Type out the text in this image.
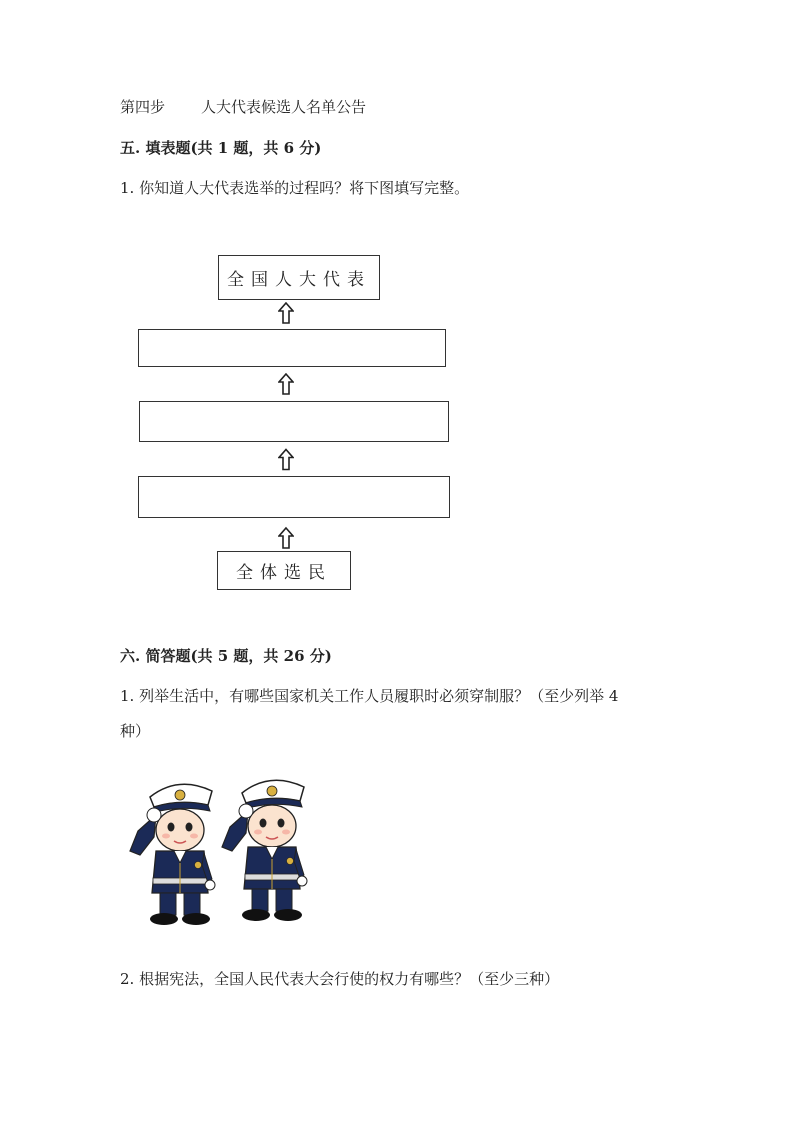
第四步 人大代表候选人名单公告
五. 填表题(共 1 题，共 6 分)
1. 你知道人大代表选举的过程吗？将下图填写完整。
全国人大代表
全体选民
六. 简答题(共 5 题，共 26 分)
1. 列举生活中，有哪些国家机关工作人员履职时必须穿制服？（至少列举 4
种）
2. 根据宪法，全国人民代表大会行使的权力有哪些？（至少三种）
